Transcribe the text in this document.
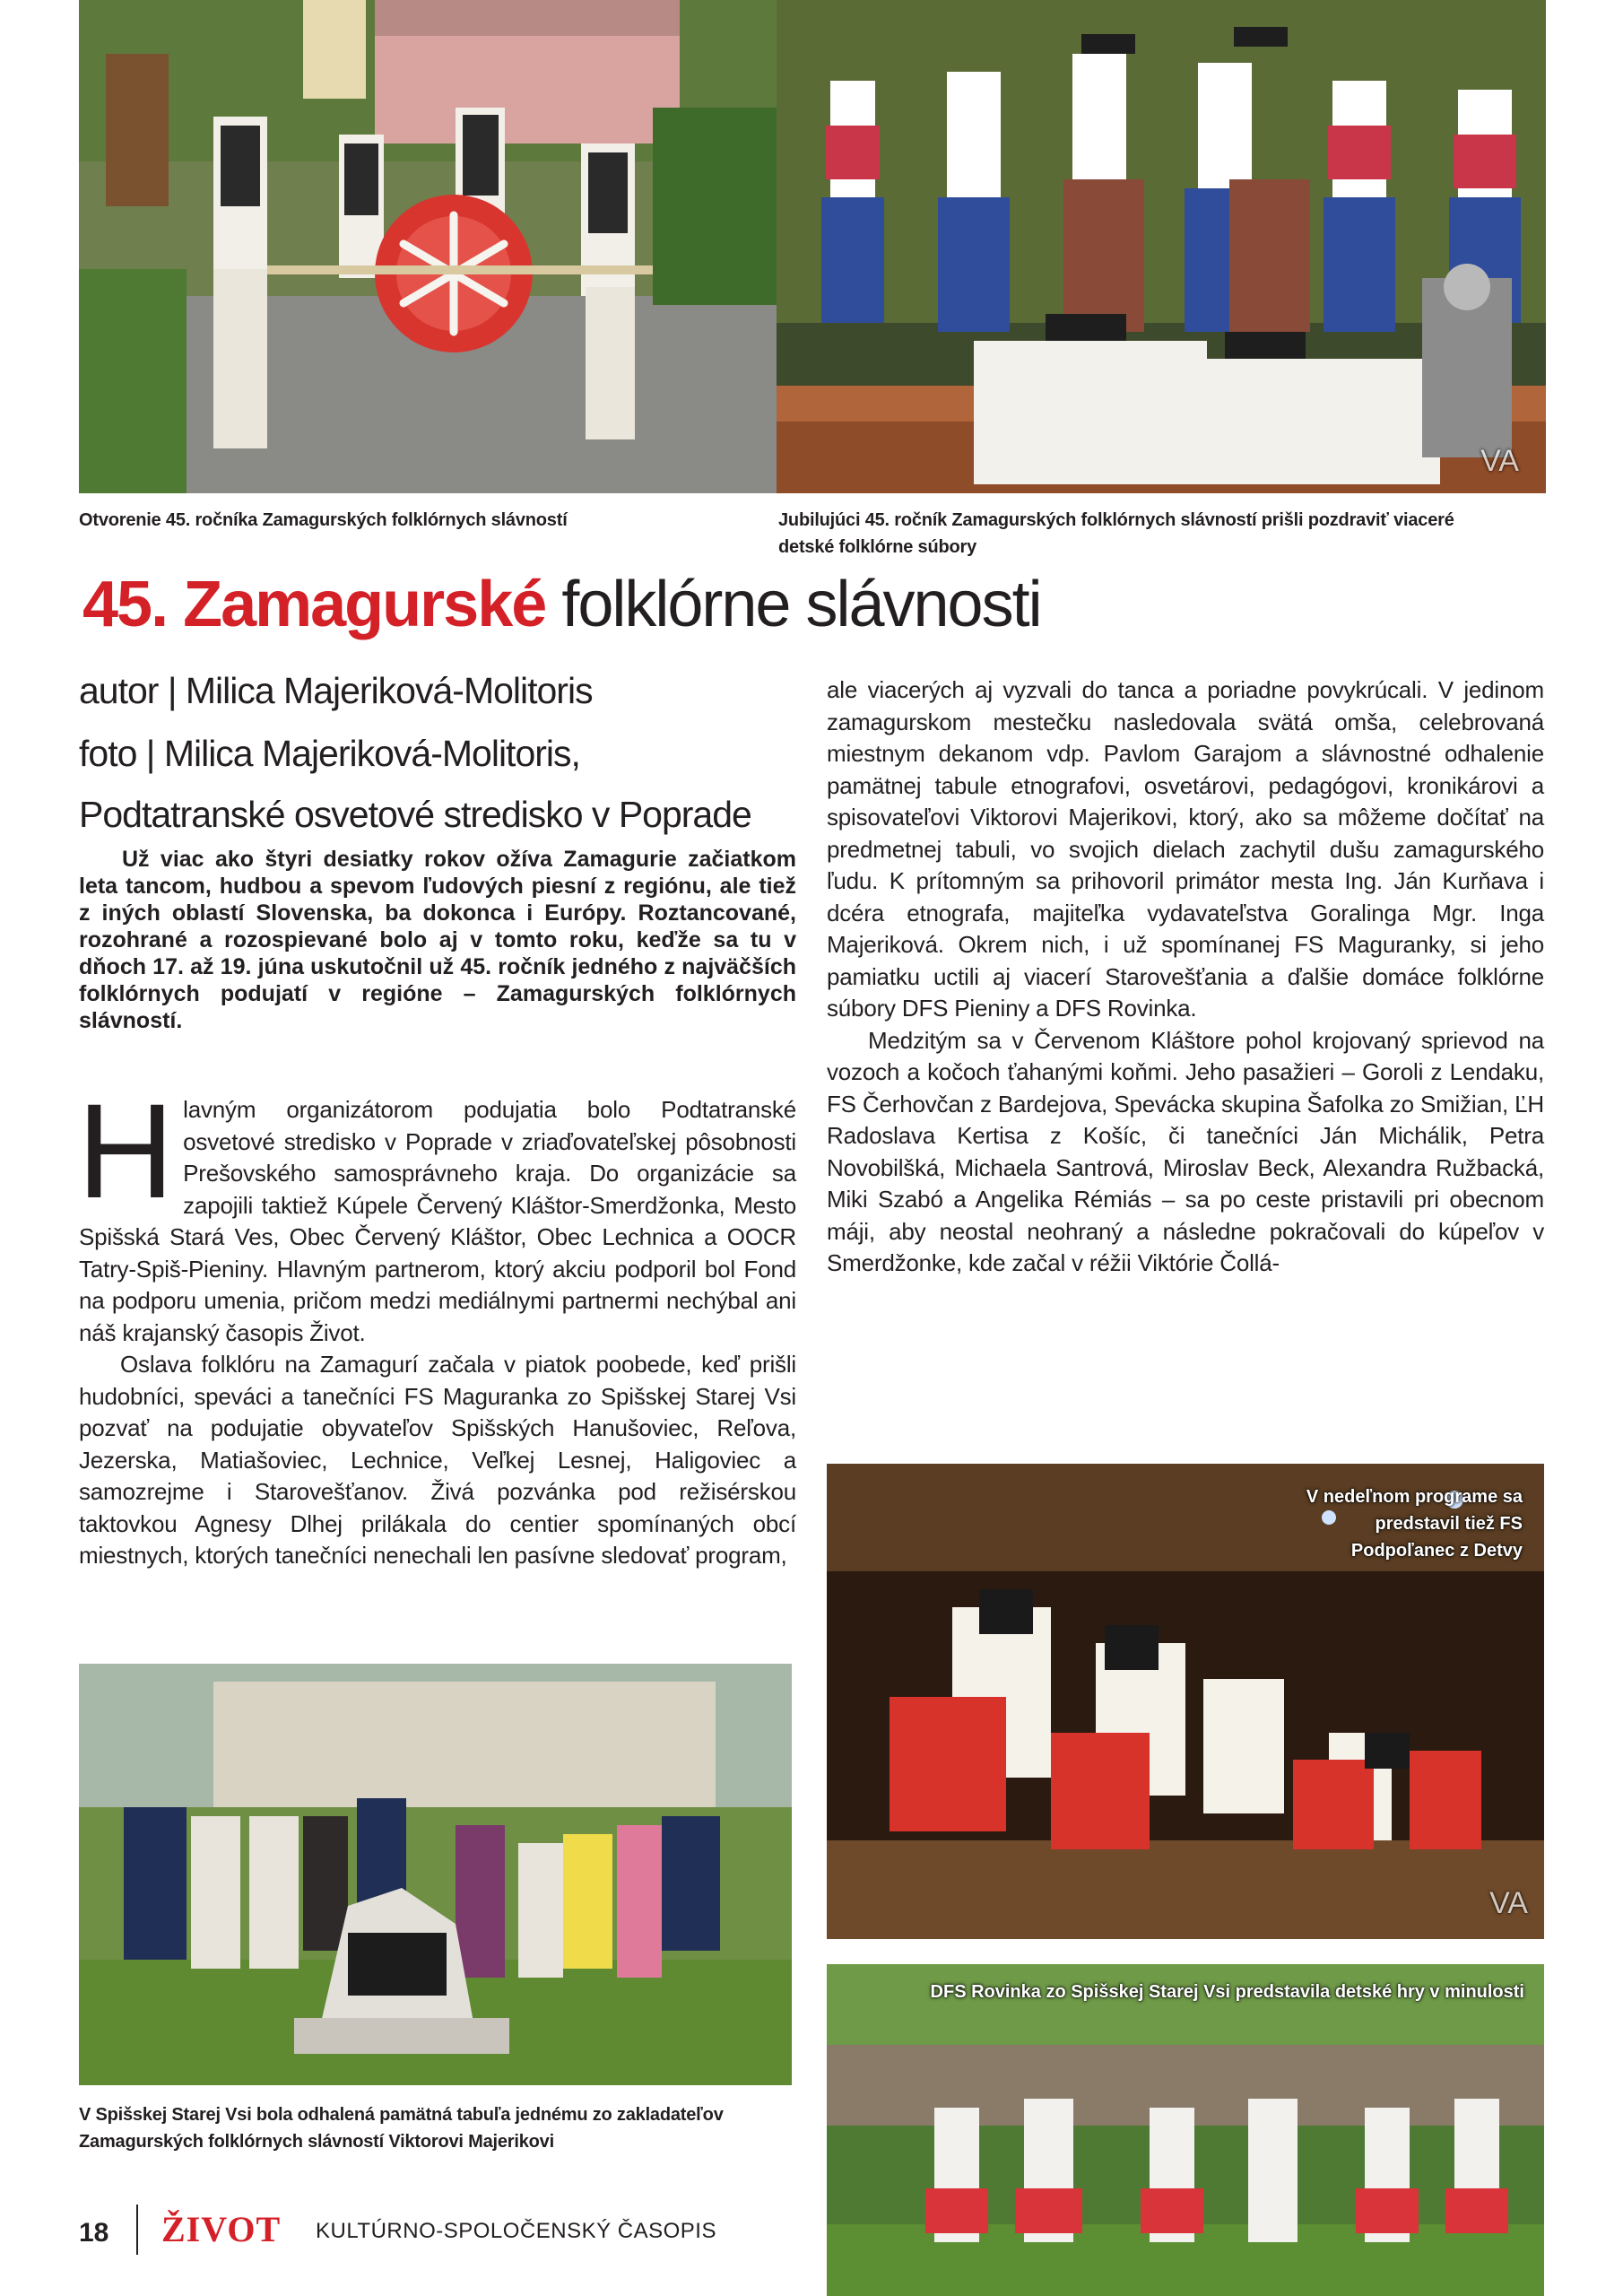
Otvorenie 45. ročníka Zamagurských folklórnych slávností
VA
Jubilujúci 45. ročník Zamagurských folklórnych slávností prišli pozdraviť viaceré detské folklórne súbory
45. Zamagurské folklórne slávnosti
autor | Milica Majeriková-Molitoris
foto | Milica Majeriková-Molitoris,
Podtatranské osvetové stredisko v Poprade
Už viac ako štyri desiatky rokov ožíva Zamagurie začiatkom leta tancom, hudbou a spevom ľudových piesní z regiónu, ale tiež z iných oblastí Slovenska, ba dokonca i Európy. Roztancované, rozohrané a rozospievané bolo aj v tomto roku, keďže sa tu v dňoch 17. až 19. júna uskutočnil už 45. ročník jedného z najväčších folklórnych podujatí v regióne – Zamagurských folklórnych slávností.

Hlavným organizátorom podujatia bolo Podtatranské osvetové stredisko v Poprade v zriaďovateľskej pôsobnosti Prešovského samosprávneho kraja. Do organizácie sa zapojili taktiež Kúpele Červený Kláštor-Smerdžonka, Mesto Spišská Stará Ves, Obec Červený Kláštor, Obec Lechnica a OOCR Tatry-Spiš-Pieniny. Hlavným partnerom, ktorý akciu podporil bol Fond na podporu umenia, pričom medzi mediálnymi partnermi nechýbal ani náš krajanský časopis Život.

Oslava folklóru na Zamagurí začala v piatok poobede, keď prišli hudobníci, speváci a tanečníci FS Maguranka zo Spišskej Starej Vsi pozvať na podujatie obyvateľov Spišských Hanušoviec, Reľova, Jezerska, Matiašoviec, Lechnice, Veľkej Lesnej, Haligoviec a samozrejme i Starovešťanov. Živá pozvánka pod režisérskou taktovkou Agnesy Dlhej prilákala do centier spomínaných obcí miestnych, ktorých tanečníci nenechali len pasívne sledovať program,

ale viacerých aj vyzvali do tanca a poriadne povykrúcali. V jedinom zamagurskom mestečku nasledovala svätá omša, celebrovaná miestnym dekanom vdp. Pavlom Garajom a slávnostné odhalenie pamätnej tabule etnografovi, osvetárovi, pedagógovi, kronikárovi a spisovateľovi Viktorovi Majerikovi, ktorý, ako sa môžeme dočítať na predmetnej tabuli, vo svojich dielach zachytil dušu zamagurského ľudu. K prítomným sa prihovoril primátor mesta Ing. Ján Kurňava i dcéra etnografa, majiteľka vydavateľstva Goralinga Mgr. Inga Majeriková. Okrem nich, i už spomínanej FS Maguranky, si jeho pamiatku uctili aj viacerí Starovešťania a ďalšie domáce folklórne súbory DFS Pieniny a DFS Rovinka.

Medzitým sa v Červenom Kláštore pohol krojovaný sprievod na vozoch a kočoch ťahanými koňmi. Jeho pasažieri – Goroli z Lendaku, FS Čerhovčan z Bardejova, Spevácka skupina Šafolka zo Smižian, ĽH Radoslava Kertisa z Košíc, či tanečníci Ján Michálik, Petra Novobilšká, Michaela Santrová, Miroslav Beck, Alexandra Ružbacká, Miki Szabó a Angelika Rémiás – sa po ceste pristavili pri obecnom máji, aby neostal neohraný a následne pokračovali do kúpeľov v Smerdžonke, kde začal v réžii Viktórie Čollá-

V nedeľnom programe sa predstavil tiež FS Podpoľanec z Detvy
VA
V Spišskej Starej Vsi bola odhalená pamätná tabuľa jednému zo zakladateľov Zamagurských folklórnych slávností Viktorovi Majerikovi
DFS Rovinka zo Spišskej Starej Vsi predstavila detské hry v minulosti
18 ŽIVOT KULTÚRNO-SPOLOČENSKÝ ČASOPIS
